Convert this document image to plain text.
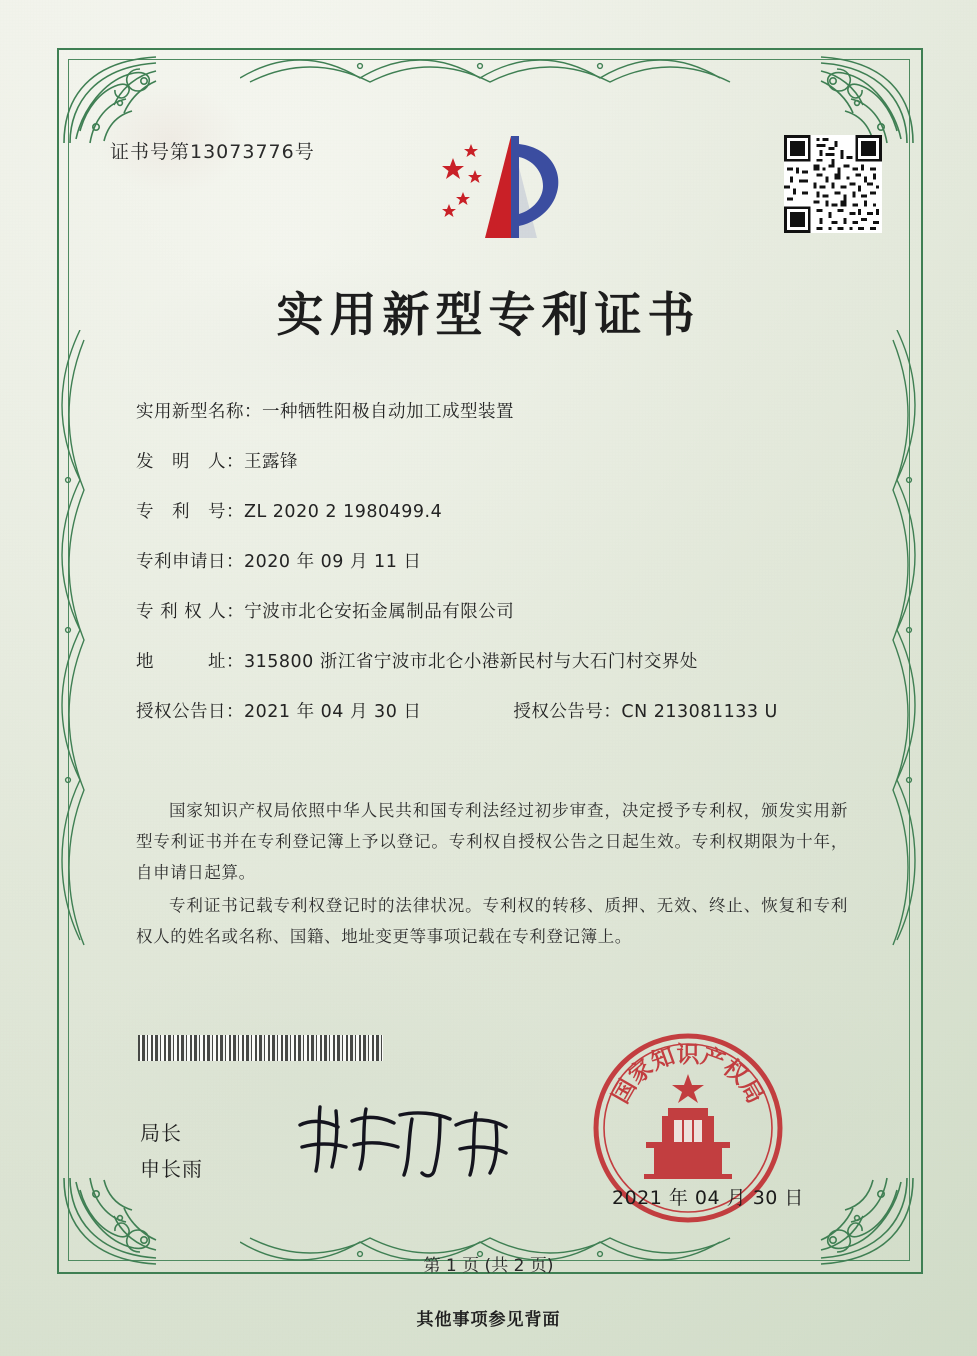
证书号第13073776号
实用新型专利证书
实用新型名称： 一种牺牲阳极自动加工成型装置
发　明　人： 王露锋
专　利　号： ZL 2020 2 1980499.4
专利申请日： 2020 年 09 月 11 日
专 利 权 人： 宁波市北仑安拓金属制品有限公司
地　　　址： 315800 浙江省宁波市北仑小港新民村与大石门村交界处
授权公告日：2021 年 04 月 30 日	授权公告号：CN 213081133 U

国家知识产权局依照中华人民共和国专利法经过初步审查，决定授予专利权，颁发实用新型专利证书并在专利登记簿上予以登记。专利权自授权公告之日起生效。专利权期限为十年，自申请日起算。

专利证书记载专利权登记时的法律状况。专利权的转移、质押、无效、终止、恢复和专利权人的姓名或名称、国籍、地址变更等事项记载在专利登记簿上。

局长
申长雨
国家知识产权局
2021 年 04 月 30 日
第 1 页 (共 2 页)
其他事项参见背面
